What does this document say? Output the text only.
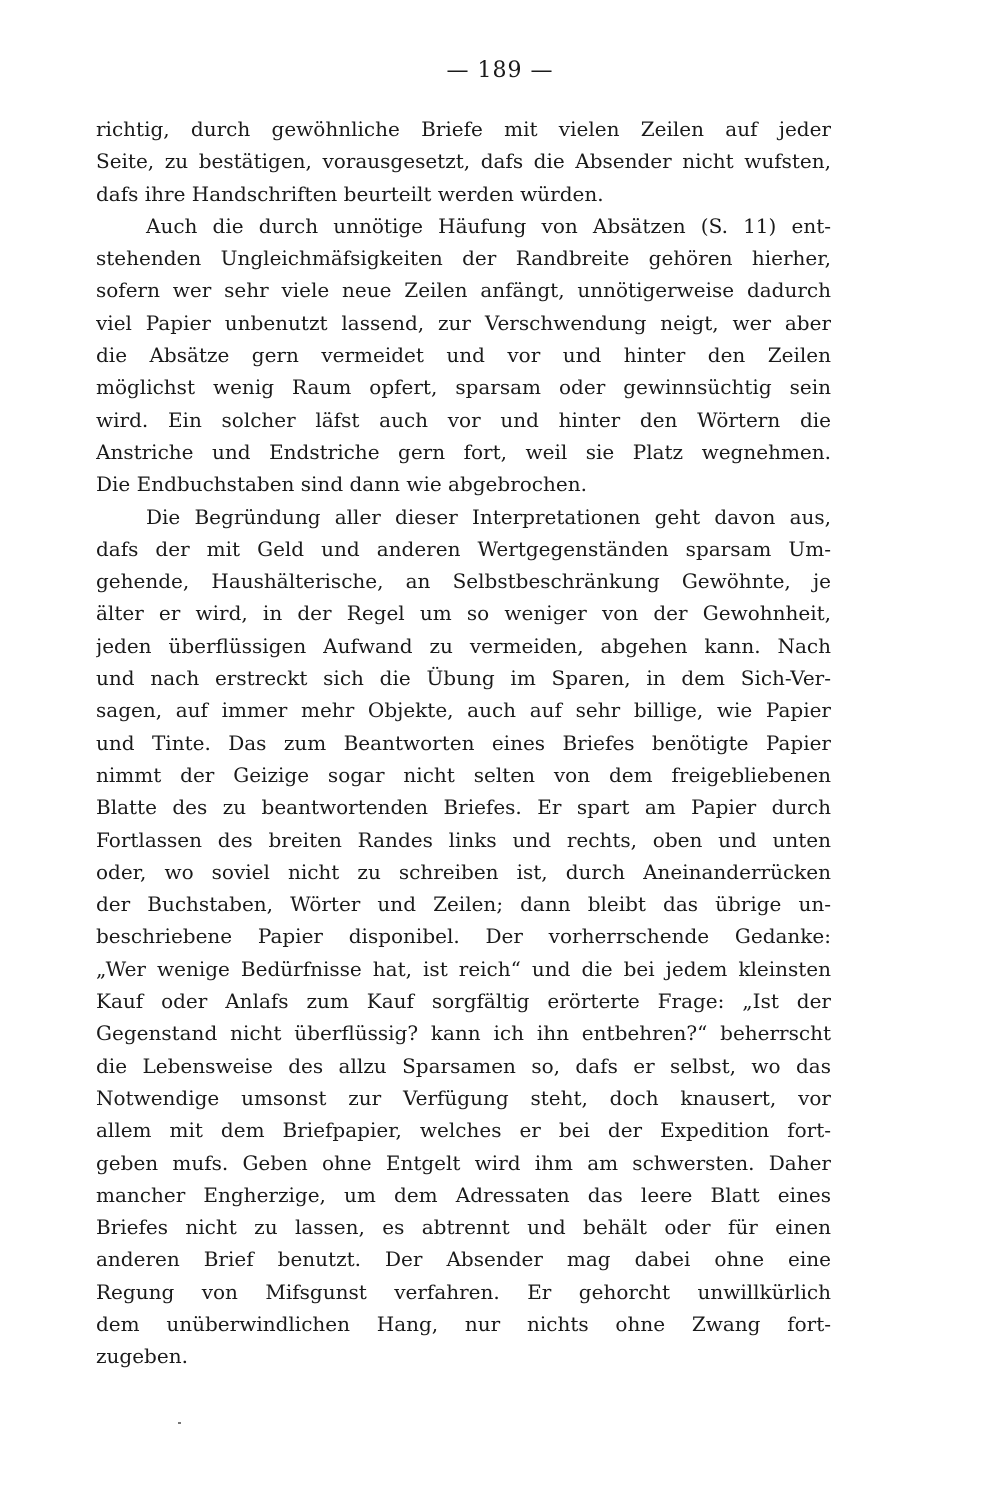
— 189 —
richtig, durch gewöhnliche Briefe mit vielen Zeilen auf jeder
Seite, zu bestätigen, vorausgesetzt, dafs die Absender nicht wufsten,
dafs ihre Handschriften beurteilt werden würden.
Auch die durch unnötige Häufung von Absätzen (S. 11) ent-
stehenden Ungleichmäfsigkeiten der Randbreite gehören hierher,
sofern wer sehr viele neue Zeilen anfängt, unnötigerweise dadurch
viel Papier unbenutzt lassend, zur Verschwendung neigt, wer aber
die Absätze gern vermeidet und vor und hinter den Zeilen
möglichst wenig Raum opfert, sparsam oder gewinnsüchtig sein
wird. Ein solcher läfst auch vor und hinter den Wörtern die
Anstriche und Endstriche gern fort, weil sie Platz wegnehmen.
Die Endbuchstaben sind dann wie abgebrochen.
Die Begründung aller dieser Interpretationen geht davon aus,
dafs der mit Geld und anderen Wertgegenständen sparsam Um-
gehende, Haushälterische, an Selbstbeschränkung Gewöhnte, je
älter er wird, in der Regel um so weniger von der Gewohnheit,
jeden überflüssigen Aufwand zu vermeiden, abgehen kann. Nach
und nach erstreckt sich die Übung im Sparen, in dem Sich-Ver-
sagen, auf immer mehr Objekte, auch auf sehr billige, wie Papier
und Tinte. Das zum Beantworten eines Briefes benötigte Papier
nimmt der Geizige sogar nicht selten von dem freigebliebenen
Blatte des zu beantwortenden Briefes. Er spart am Papier durch
Fortlassen des breiten Randes links und rechts, oben und unten
oder, wo soviel nicht zu schreiben ist, durch Aneinanderrücken
der Buchstaben, Wörter und Zeilen; dann bleibt das übrige un-
beschriebene Papier disponibel. Der vorherrschende Gedanke:
„Wer wenige Bedürfnisse hat, ist reich“ und die bei jedem kleinsten
Kauf oder Anlafs zum Kauf sorgfältig erörterte Frage: „Ist der
Gegenstand nicht überflüssig? kann ich ihn entbehren?“ beherrscht
die Lebensweise des allzu Sparsamen so, dafs er selbst, wo das
Notwendige umsonst zur Verfügung steht, doch knausert, vor
allem mit dem Briefpapier, welches er bei der Expedition fort-
geben mufs. Geben ohne Entgelt wird ihm am schwersten. Daher
mancher Engherzige, um dem Adressaten das leere Blatt eines
Briefes nicht zu lassen, es abtrennt und behält oder für einen
anderen Brief benutzt. Der Absender mag dabei ohne eine
Regung von Mifsgunst verfahren. Er gehorcht unwillkürlich
dem unüberwindlichen Hang, nur nichts ohne Zwang fort-
zugeben.
